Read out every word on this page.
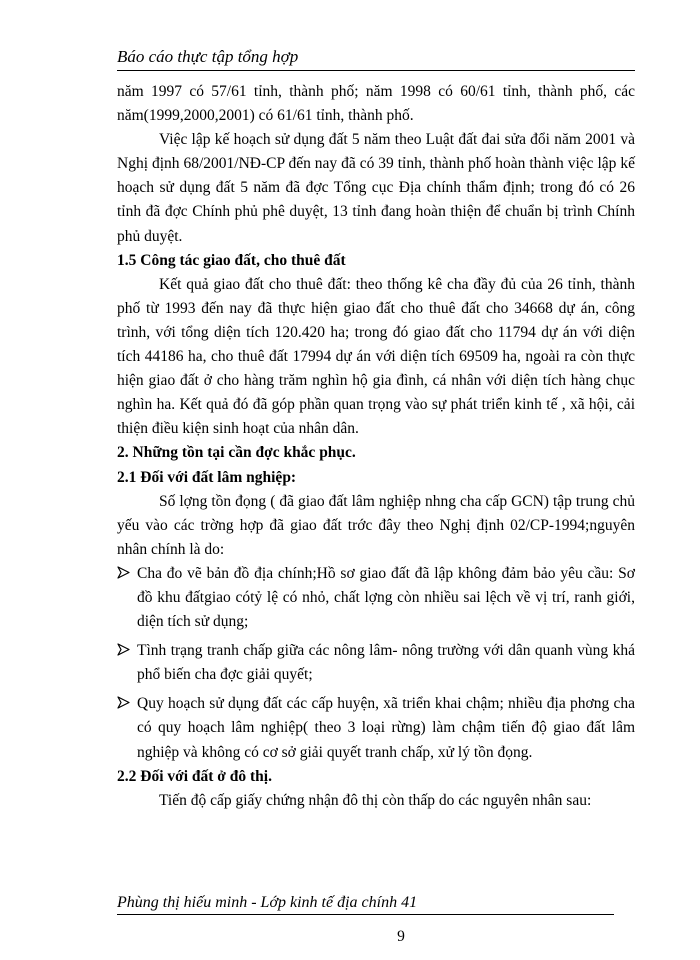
Báo cáo thực tập tổng hợp

năm 1997 có 57/61 tỉnh, thành phố; năm 1998 có 60/61 tỉnh, thành phố, các năm(1999,2000,2001) có 61/61 tỉnh, thành phố.

Việc lập kế hoạch sử dụng đất 5 năm theo Luật đất đai sửa đổi năm 2001 và Nghị định 68/2001/NĐ-CP đến nay đã có 39 tỉnh, thành phố hoàn thành việc lập kế hoạch sử dụng đất 5 năm đã đợc Tổng cục Địa chính thẩm định; trong đó có 26 tỉnh đã đợc Chính phủ phê duyệt, 13 tỉnh đang hoàn thiện để chuẩn bị trình Chính phủ duyệt.

1.5 Công tác giao đất, cho thuê đất

Kết quả giao đất cho thuê đất: theo thống kê cha đầy đủ của 26 tỉnh, thành phố từ 1993 đến nay đã thực hiện giao đất cho thuê đất cho 34668 dự án, công trình, với tổng diện tích 120.420 ha; trong đó giao đất cho 11794 dự án với diện tích 44186 ha, cho thuê đất 17994 dự án với diện tích 69509 ha, ngoài ra còn thực hiện giao đất ở cho hàng trăm nghìn hộ gia đình, cá nhân với diện tích hàng chục nghìn ha. Kết quả đó đã góp phần quan trọng vào sự phát triển kinh tế , xã hội, cải thiện điều kiện sinh hoạt của nhân dân.

2. Những tồn tại cần đợc khắc phục.

2.1 Đối với đất lâm nghiệp:

Số lợng tồn đọng ( đã giao đất lâm nghiệp nhng cha cấp GCN) tập trung chủ yếu vào các trờng hợp đã giao đất trớc đây theo Nghị định 02/CP-1994;nguyên nhân chính là do:

Cha đo vẽ bản đồ địa chính;Hồ sơ giao đất đã lập không đảm bảo yêu cầu: Sơ đồ khu đấtgiao cótỷ lệ có nhỏ, chất lợng còn nhiều sai lệch về vị trí, ranh giới, diện tích sử dụng;
Tình trạng tranh chấp giữa các nông lâm- nông trường với dân quanh vùng khá phổ biến cha đợc giải quyết;
Quy hoạch sử dụng đất các cấp huyện, xã triển khai chậm; nhiều địa phơng cha có quy hoạch lâm nghiệp( theo 3 loại rừng) làm chậm tiến độ giao đất lâm nghiệp và không có cơ sở giải quyết tranh chấp, xử lý tồn đọng.

2.2 Đối với đất ở đô thị.

Tiến độ cấp giấy chứng nhận đô thị còn thấp do các nguyên nhân sau:

Phùng thị hiếu minh - Lớp kinh tế địa chính 41
9
